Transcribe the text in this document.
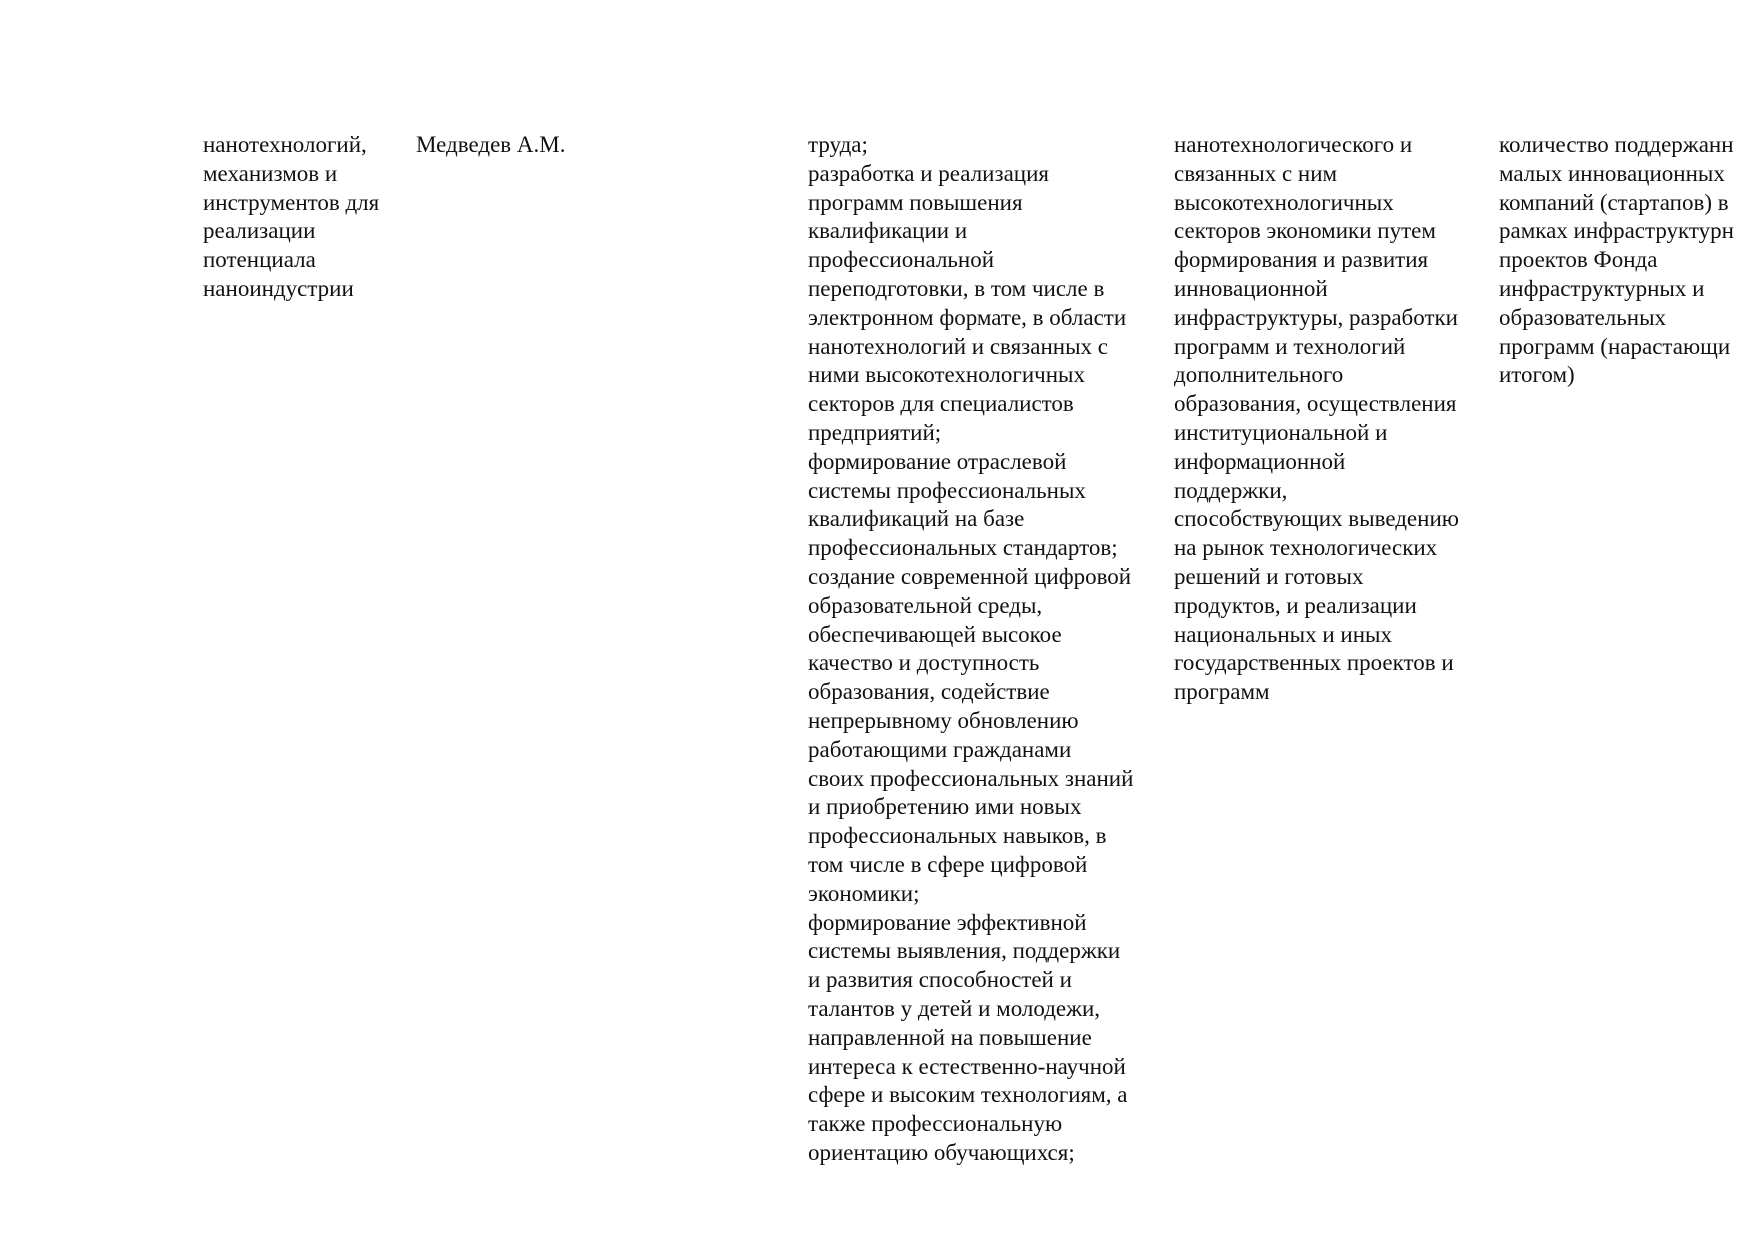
нанотехнологий,
механизмов и
инструментов для
реализации
потенциала
наноиндустрии
Медведев А.М.	труда;
разработка и реализация
программ повышения
квалификации и
профессиональной
переподготовки, в том числе в
электронном формате, в области
нанотехнологий и связанных с
ними высокотехнологичных
секторов для специалистов
предприятий;
формирование отраслевой
системы профессиональных
квалификаций на базе
профессиональных стандартов;
создание современной цифровой
образовательной среды,
обеспечивающей высокое
качество и доступность
образования, содействие
непрерывному обновлению
работающими гражданами
своих профессиональных знаний
и приобретению ими новых
профессиональных навыков, в
том числе в сфере цифровой
экономики;
формирование эффективной
системы выявления, поддержки
и развития способностей и
талантов у детей и молодежи,
направленной на повышение
интереса к естественно-научной
сфере и высоким технологиям, а
также профессиональную
ориентацию обучающихся;
нанотехнологического и
связанных с ним
высокотехнологичных
секторов экономики путем
формирования и развития
инновационной
инфраструктуры, разработки
программ и технологий
дополнительного
образования, осуществления
институциональной и
информационной
поддержки,
способствующих выведению
на рынок технологических
решений и готовых
продуктов, и реализации
национальных и иных
государственных проектов и
программ
количество поддержанн
малых инновационных
компаний (стартапов) в
рамках инфраструктурн
проектов Фонда
инфраструктурных и
образовательных
программ (нарастающи
итогом)
